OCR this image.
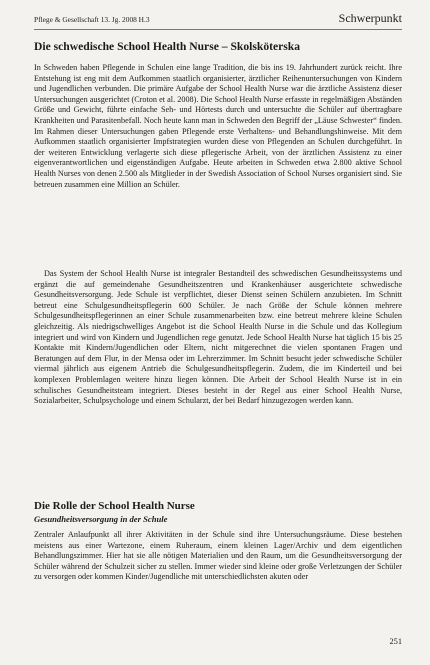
Pflege & Gesellschaft 13. Jg. 2008 H.3	Schwerpunkt
Die schwedische School Health Nurse – Skolsköterska

In Schweden haben Pflegende in Schulen eine lange Tradition, die bis ins 19. Jahrhundert zurück reicht. Ihre Entstehung ist eng mit dem Aufkommen staatlich organisierter, ärztlicher Reihenuntersuchungen von Kindern und Jugendlichen verbunden. Die primäre Aufgabe der School Health Nurse war die ärztliche Assistenz dieser Untersuchungen ausgerichtet (Croton et al. 2008). Die School Health Nurse erfasste in regelmäßigen Abständen Größe und Gewicht, führte einfache Seh- und Hörtests durch und untersuchte die Schüler auf übertragbare Krankheiten und Parasitenbefall. Noch heute kann man in Schweden den Begriff der „Läuse Schwester“ finden. Im Rahmen dieser Untersuchungen gaben Pflegende erste Verhaltens- und Behandlungshinweise. Mit dem Aufkommen staatlich organisierter Impfstrategien wurden diese von Pflegenden an Schulen durchgeführt. In der weiteren Entwicklung verlagerte sich diese pflegerische Arbeit, von der ärztlichen Assistenz zu einer eigenverantwortlichen und eigenständigen Aufgabe. Heute arbeiten in Schweden etwa 2.800 aktive School Health Nurses von denen 2.500 als Mitglieder in der Swedish Association of School Nurses organisiert sind. Sie betreuen zusammen eine Million an Schüler.

Das System der School Health Nurse ist integraler Bestandteil des schwedischen Gesundheitssystems und ergänzt die auf gemeindenahe Gesundheitszentren und Krankenhäuser ausgerichtete schwedische Gesundheitsversorgung. Jede Schule ist verpflichtet, dieser Dienst seinen Schülern anzubieten. Im Schnitt betreut eine Schulgesundheitspflegerin 600 Schüler. Je nach Größe der Schule können mehrere Schulgesundheitspflegerinnen an einer Schule zusammenarbeiten bzw. eine betreut mehrere kleine Schulen gleichzeitig. Als niedrigschwelliges Angebot ist die School Health Nurse in die Schule und das Kollegium integriert und wird von Kindern und Jugendlichen rege genutzt. Jede School Health Nurse hat täglich 15 bis 25 Kontakte mit Kindern/Jugendlichen oder Eltern, nicht mitgerechnet die vielen spontanen Fragen und Beratungen auf dem Flur, in der Mensa oder im Lehrerzimmer. Im Schnitt besucht jeder schwedische Schüler viermal jährlich aus eigenem Antrieb die Schulgesundheitspflegerin. Zudem, die im Kinderteil und bei komplexen Problemlagen weitere hinzu liegen können. Die Arbeit der School Health Nurse ist in ein schulisches Gesundheitsteam integriert. Dieses besteht in der Regel aus einer School Health Nurse, Sozialarbeiter, Schulpsychologe und einem Schularzt, der bei Bedarf hinzugezogen werden kann.

Die Rolle der School Health Nurse
Gesundheitsversorgung in der Schule

Zentraler Anlaufpunkt all ihrer Aktivitäten in der Schule sind ihre Untersuchungsräume. Diese bestehen meistens aus einer Wartezone, einem Ruheraum, einem kleinen Lager/Archiv und dem eigentlichen Behandlungszimmer. Hier hat sie alle nötigen Materialien und den Raum, um die Gesundheitsversorgung der Schüler während der Schulzeit sicher zu stellen. Immer wieder sind kleine oder große Verletzungen der Schüler zu versorgen oder kommen Kinder/Jugendliche mit unterschiedlichsten akuten oder

251
